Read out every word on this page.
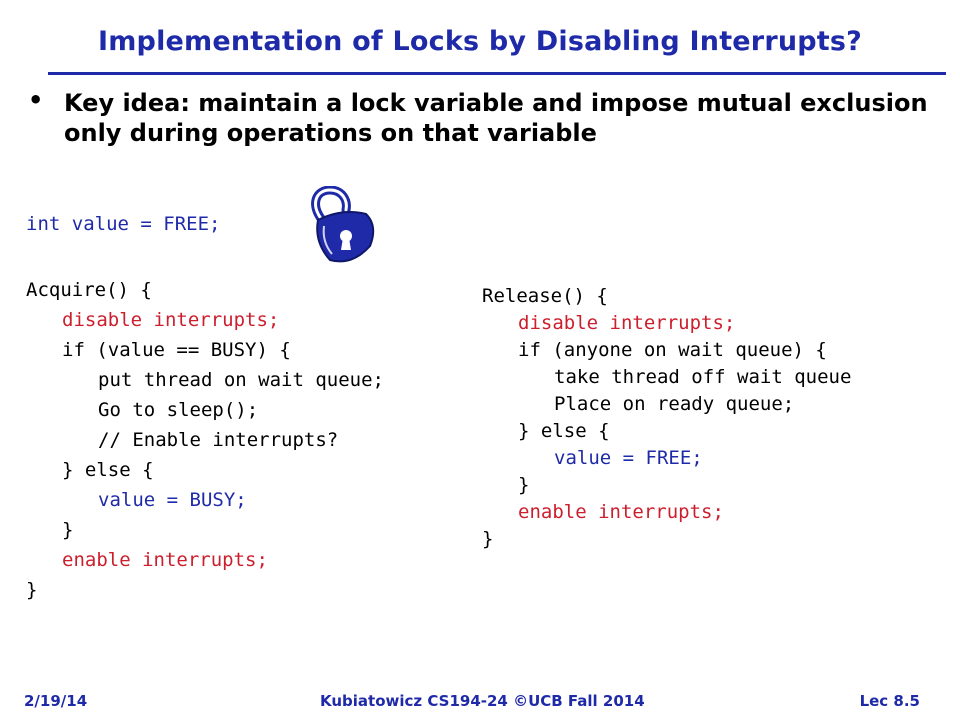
Implementation of Locks by Disabling Interrupts?
• Key idea: maintain a lock variable and impose mutual exclusion only during operations on that variable
int value = FREE;
Acquire() {
disable interrupts;
if (value == BUSY) {
put thread on wait queue;
Go to sleep();
// Enable interrupts?
} else {
value = BUSY;
}
enable interrupts;
}
Release() {
disable interrupts;
if (anyone on wait queue) {
take thread off wait queue
Place on ready queue;
} else {
value = FREE;
}
enable interrupts;
}
2/19/14	Kubiatowicz CS194-24 ©UCB Fall 2014	Lec 8.5
